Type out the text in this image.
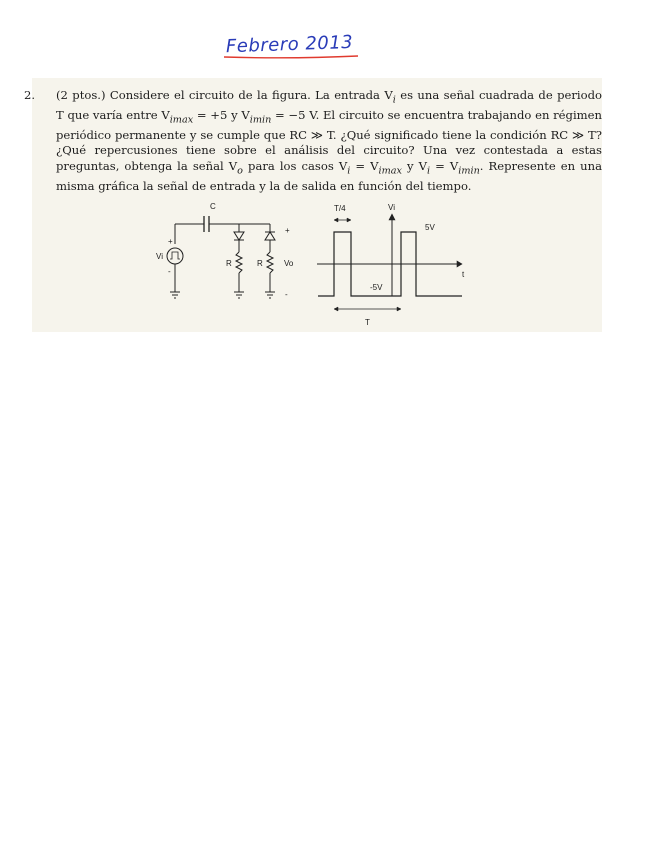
Febrero 2013
2. (2 ptos.) Considere el circuito de la figura. La entrada $V_i$ es una señal cuadrada de periodo T que varía entre $V_{imax} = +5$ y $V_{imin} = -5$ V. El circuito se encuentra trabajando en régimen periódico permanente y se cumple que RC ≫ T. ¿Qué significado tiene la condición RC ≫ T? ¿Qué repercusiones tiene sobre el análisis del circuito? Una vez contestada a estas preguntas, obtenga la señal $V_o$ para los casos $V_i = V_{imax}$ y $V_i = V_{imin}$. Represente en una misma gráfica la señal de entrada y la de salida en función del tiempo.
C
Vi
+
-
R	R	Vo
+
-
T/4	Vi
t
5V
-5V
T
